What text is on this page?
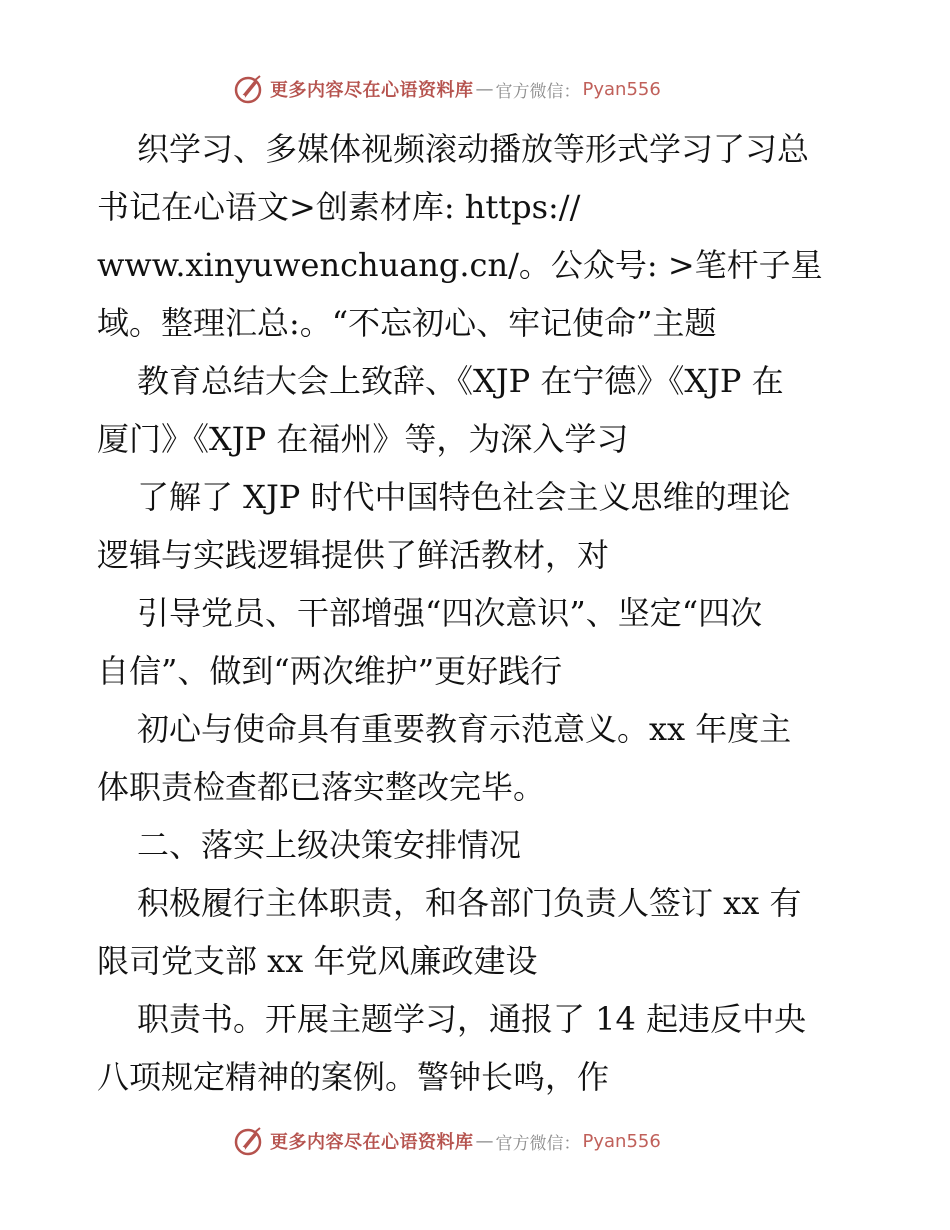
更多内容尽在心语资料库 — 官方微信： Pyan556
织学习、多媒体视频滚动播放等形式学习了习总
书记在心语文>创素材库: https://
www.xinyuwenchuang.cn/。公众号: >笔杆子星
域。整理汇总:。“不忘初心、牢记使命”主题
教育总结大会上致辞、《XJP 在宁德》《XJP 在
厦门》《XJP 在福州》等，为深入学习
了解了 XJP 时代中国特色社会主义思维的理论
逻辑与实践逻辑提供了鲜活教材，对
引导党员、干部增强“四次意识”、坚定“四次
自信”、做到“两次维护”更好践行
初心与使命具有重要教育示范意义。xx 年度主
体职责检查都已落实整改完毕。
二、落实上级决策安排情况
积极履行主体职责，和各部门负责人签订 xx 有
限司党支部 xx 年党风廉政建设
职责书。开展主题学习，通报了 14 起违反中央
八项规定精神的案例。警钟长鸣，作
更多内容尽在心语资料库 — 官方微信： Pyan556
